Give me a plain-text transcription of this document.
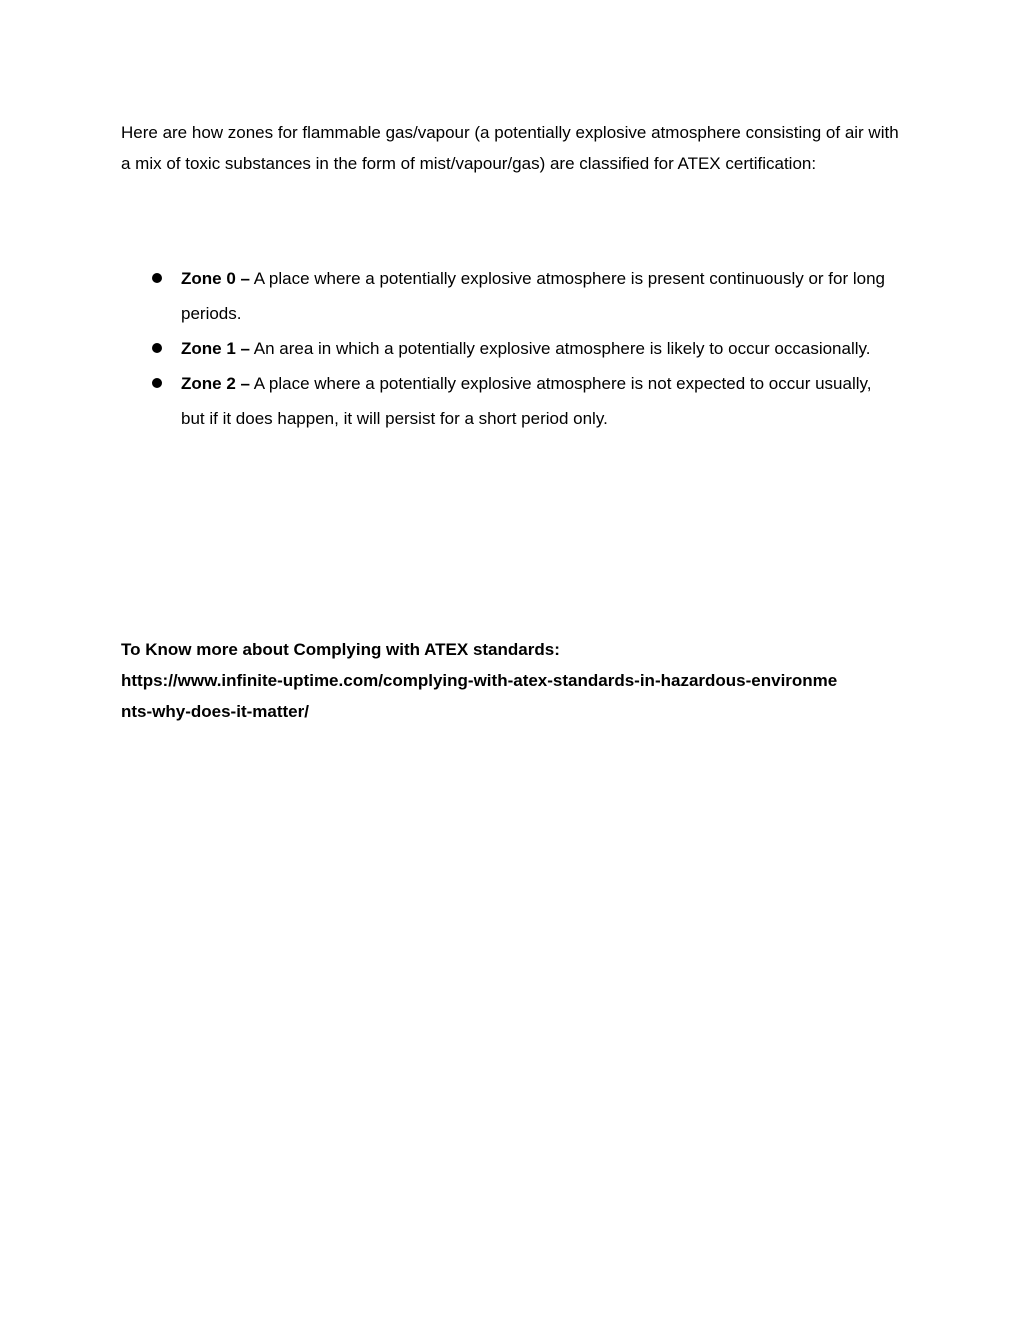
Here are how zones for flammable gas/vapour (a potentially explosive atmosphere consisting of air with a mix of toxic substances in the form of mist/vapour/gas) are classified for ATEX certification:

Zone 0 – A place where a potentially explosive atmosphere is present continuously or for long periods.
Zone 1 – An area in which a potentially explosive atmosphere is likely to occur occasionally.
Zone 2 – A place where a potentially explosive atmosphere is not expected to occur usually, but if it does happen, it will persist for a short period only.

To Know more about Complying with ATEX standards:
https://www.infinite-uptime.com/complying-with-atex-standards-in-hazardous-environme
nts-why-does-it-matter/
